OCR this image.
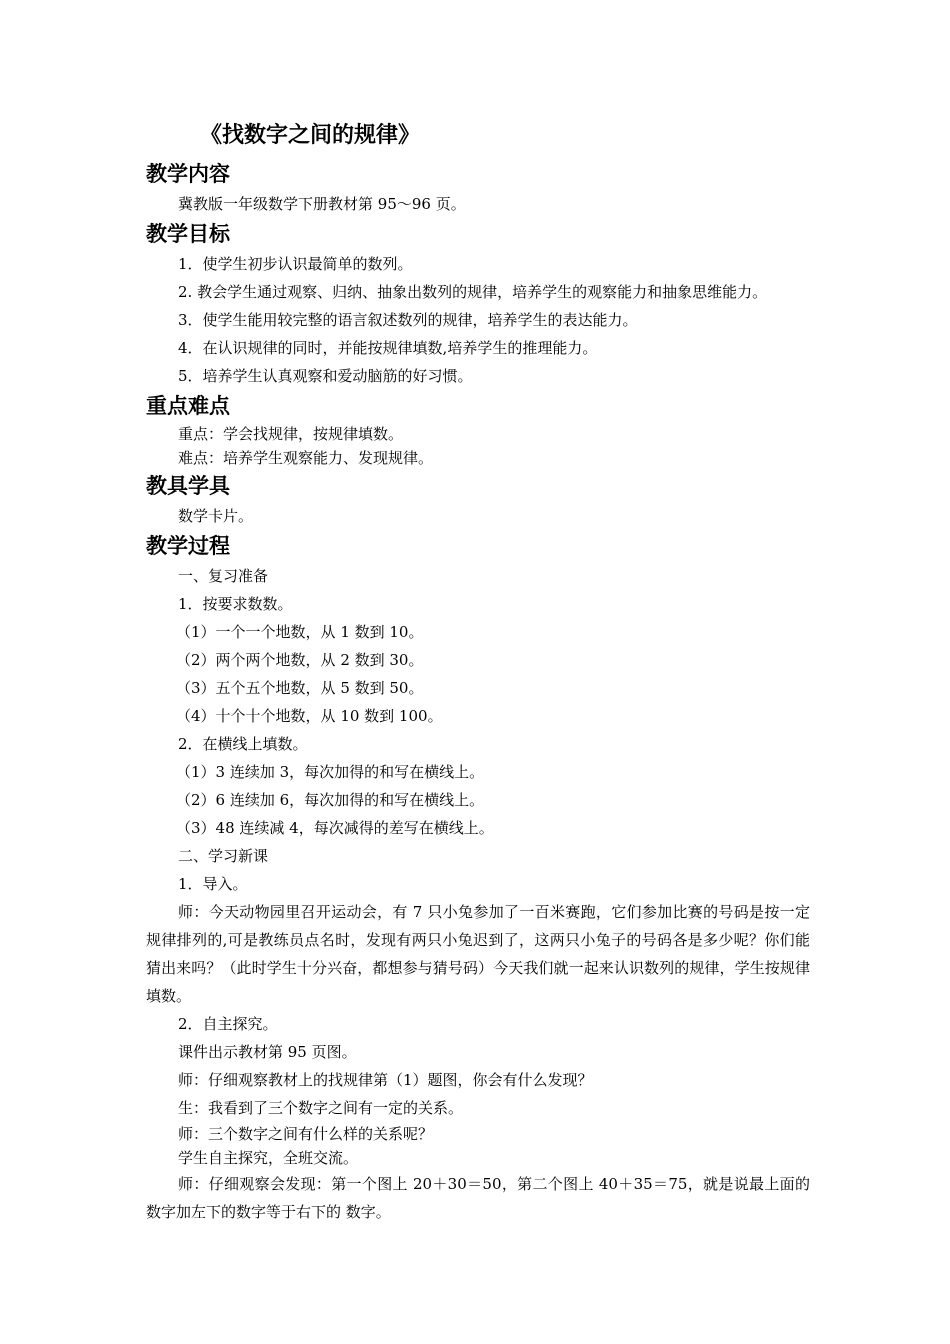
《找数字之间的规律》
教学内容

冀教版一年级数学下册教材第 95～96 页。

教学目标

1．使学生初步认识最简单的数列。

2. 教会学生通过观察、归纳、抽象出数列的规律，培养学生的观察能力和抽象思维能力。

3．使学生能用较完整的语言叙述数列的规律，培养学生的表达能力。

4．在认识规律的同时，并能按规律填数,培养学生的推理能力。

5．培养学生认真观察和爱动脑筋的好习惯。

重点难点

重点：学会找规律，按规律填数。

难点：培养学生观察能力、发现规律。

教具学具

数学卡片。

教学过程

一、复习准备

1．按要求数数。

（1）一个一个地数，从 1 数到 10。

（2）两个两个地数，从 2 数到 30。

（3）五个五个地数，从 5 数到 50。

（4）十个十个地数，从 10 数到 100。

2．在横线上填数。

（1）3 连续加 3，每次加得的和写在横线上。

（2）6 连续加 6，每次加得的和写在横线上。

（3）48 连续减 4，每次减得的差写在横线上。

二、学习新课

1．导入。

师：今天动物园里召开运动会，有 7 只小兔参加了一百米赛跑，它们参加比赛的号码是按一定规律排列的,可是教练员点名时，发现有两只小兔迟到了，这两只小兔子的号码各是多少呢？你们能猜出来吗？（此时学生十分兴奋，都想参与猜号码）今天我们就一起来认识数列的规律，学生按规律填数。

2．自主探究。

课件出示教材第 95 页图。

师：仔细观察教材上的找规律第（1）题图，你会有什么发现？

生：我看到了三个数字之间有一定的关系。

师：三个数字之间有什么样的关系呢？

学生自主探究，全班交流。

师：仔细观察会发现：第一个图上 20＋30＝50，第二个图上 40＋35＝75，就是说最上面的数字加左下的数字等于右下的 数字。
